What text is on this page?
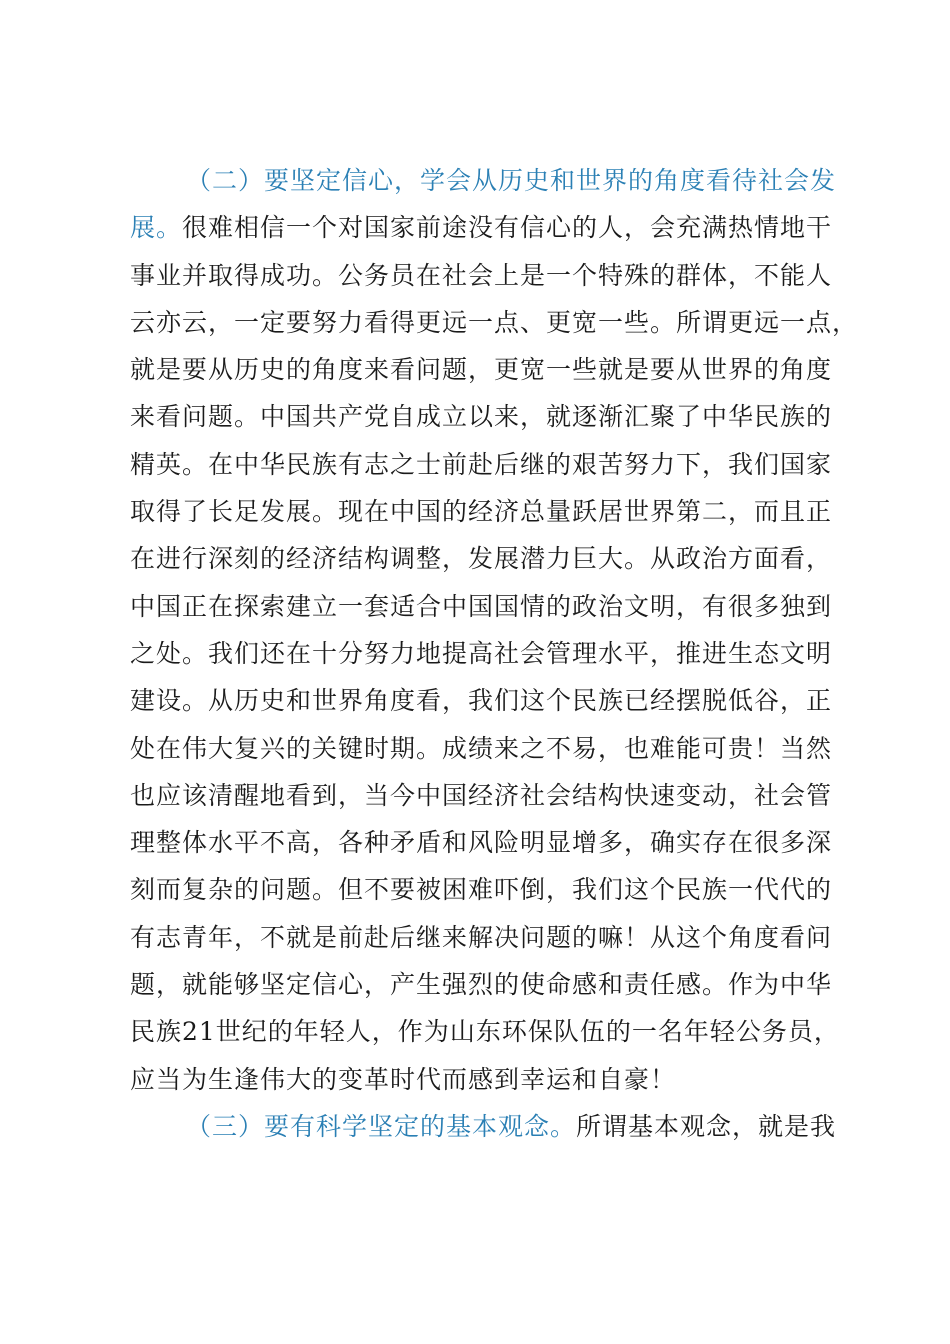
（二）要坚定信心，学会从历史和世界的角度看待社会发
展。很难相信一个对国家前途没有信心的人，会充满热情地干
事业并取得成功。公务员在社会上是一个特殊的群体，不能人
云亦云，一定要努力看得更远一点、更宽一些。所谓更远一点，
就是要从历史的角度来看问题，更宽一些就是要从世界的角度
来看问题。中国共产党自成立以来，就逐渐汇聚了中华民族的
精英。在中华民族有志之士前赴后继的艰苦努力下，我们国家
取得了长足发展。现在中国的经济总量跃居世界第二，而且正
在进行深刻的经济结构调整，发展潜力巨大。从政治方面看，
中国正在探索建立一套适合中国国情的政治文明，有很多独到
之处。我们还在十分努力地提高社会管理水平，推进生态文明
建设。从历史和世界角度看，我们这个民族已经摆脱低谷，正
处在伟大复兴的关键时期。成绩来之不易，也难能可贵！当然
也应该清醒地看到，当今中国经济社会结构快速变动，社会管
理整体水平不高，各种矛盾和风险明显增多，确实存在很多深
刻而复杂的问题。但不要被困难吓倒，我们这个民族一代代的
有志青年，不就是前赴后继来解决问题的嘛！从这个角度看问
题，就能够坚定信心，产生强烈的使命感和责任感。作为中华
民族21世纪的年轻人，作为山东环保队伍的一名年轻公务员，
应当为生逢伟大的变革时代而感到幸运和自豪！
（三）要有科学坚定的基本观念。所谓基本观念，就是我
